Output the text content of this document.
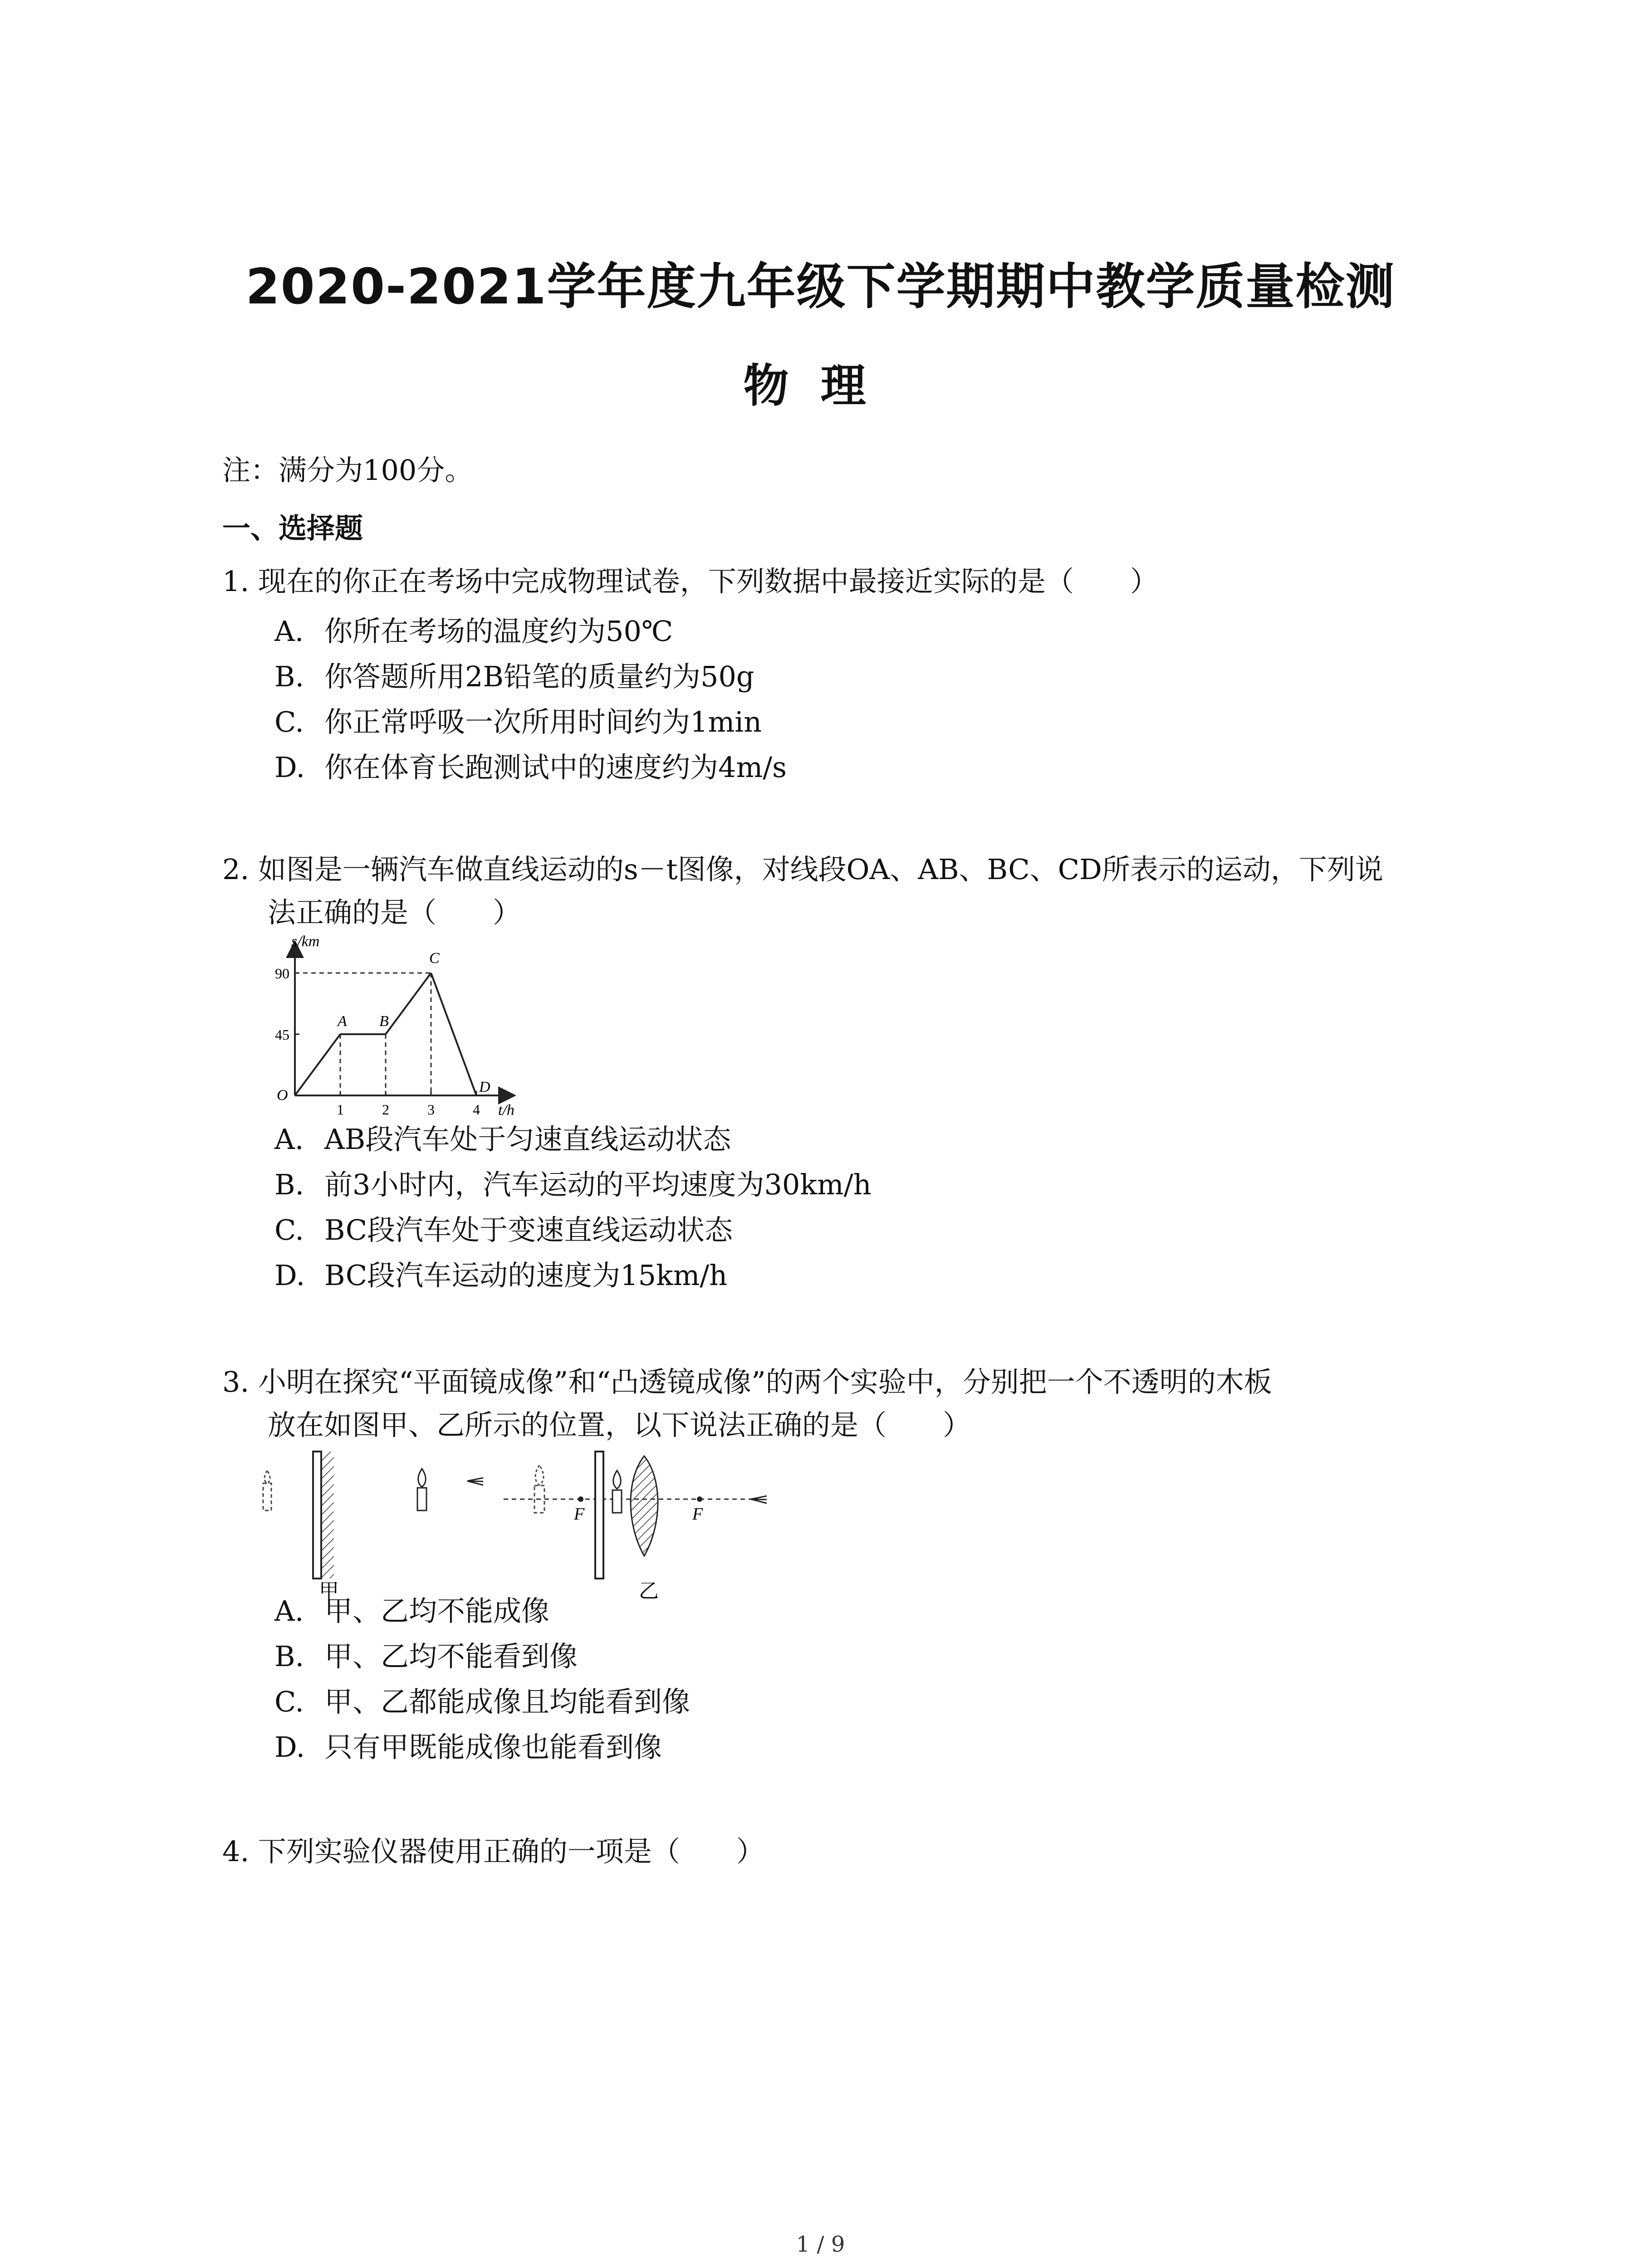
2020-2021学年度九年级下学期期中教学质量检测
物理
注：满分为100分。
一、选择题
1. 现在的你正在考场中完成物理试卷，下列数据中最接近实际的是（　　）
A. 你所在考场的温度约为50℃
B. 你答题所用2B铅笔的质量约为50g
C. 你正常呼吸一次所用时间约为1min
D. 你在体育长跑测试中的速度约为4m/s
2. 如图是一辆汽车做直线运动的s－t图像，对线段OA、AB、BC、CD所表示的运动，下列说
法正确的是（　　）
O
A B
C
D
1	2	3	4
45
90
s/km
t/h
A. AB段汽车处于匀速直线运动状态
B. 前3小时内，汽车运动的平均速度为30km/h
C. BC段汽车处于变速直线运动状态
D. BC段汽车运动的速度为15km/h
3. 小明在探究“平面镜成像”和“凸透镜成像”的两个实验中，分别把一个不透明的木板
放在如图甲、乙所示的位置，以下说法正确的是（　　）
甲
F	F
乙
A. 甲、乙均不能成像
B. 甲、乙均不能看到像
C. 甲、乙都能成像且均能看到像
D. 只有甲既能成像也能看到像
4. 下列实验仪器使用正确的一项是（　　）
1 / 9
